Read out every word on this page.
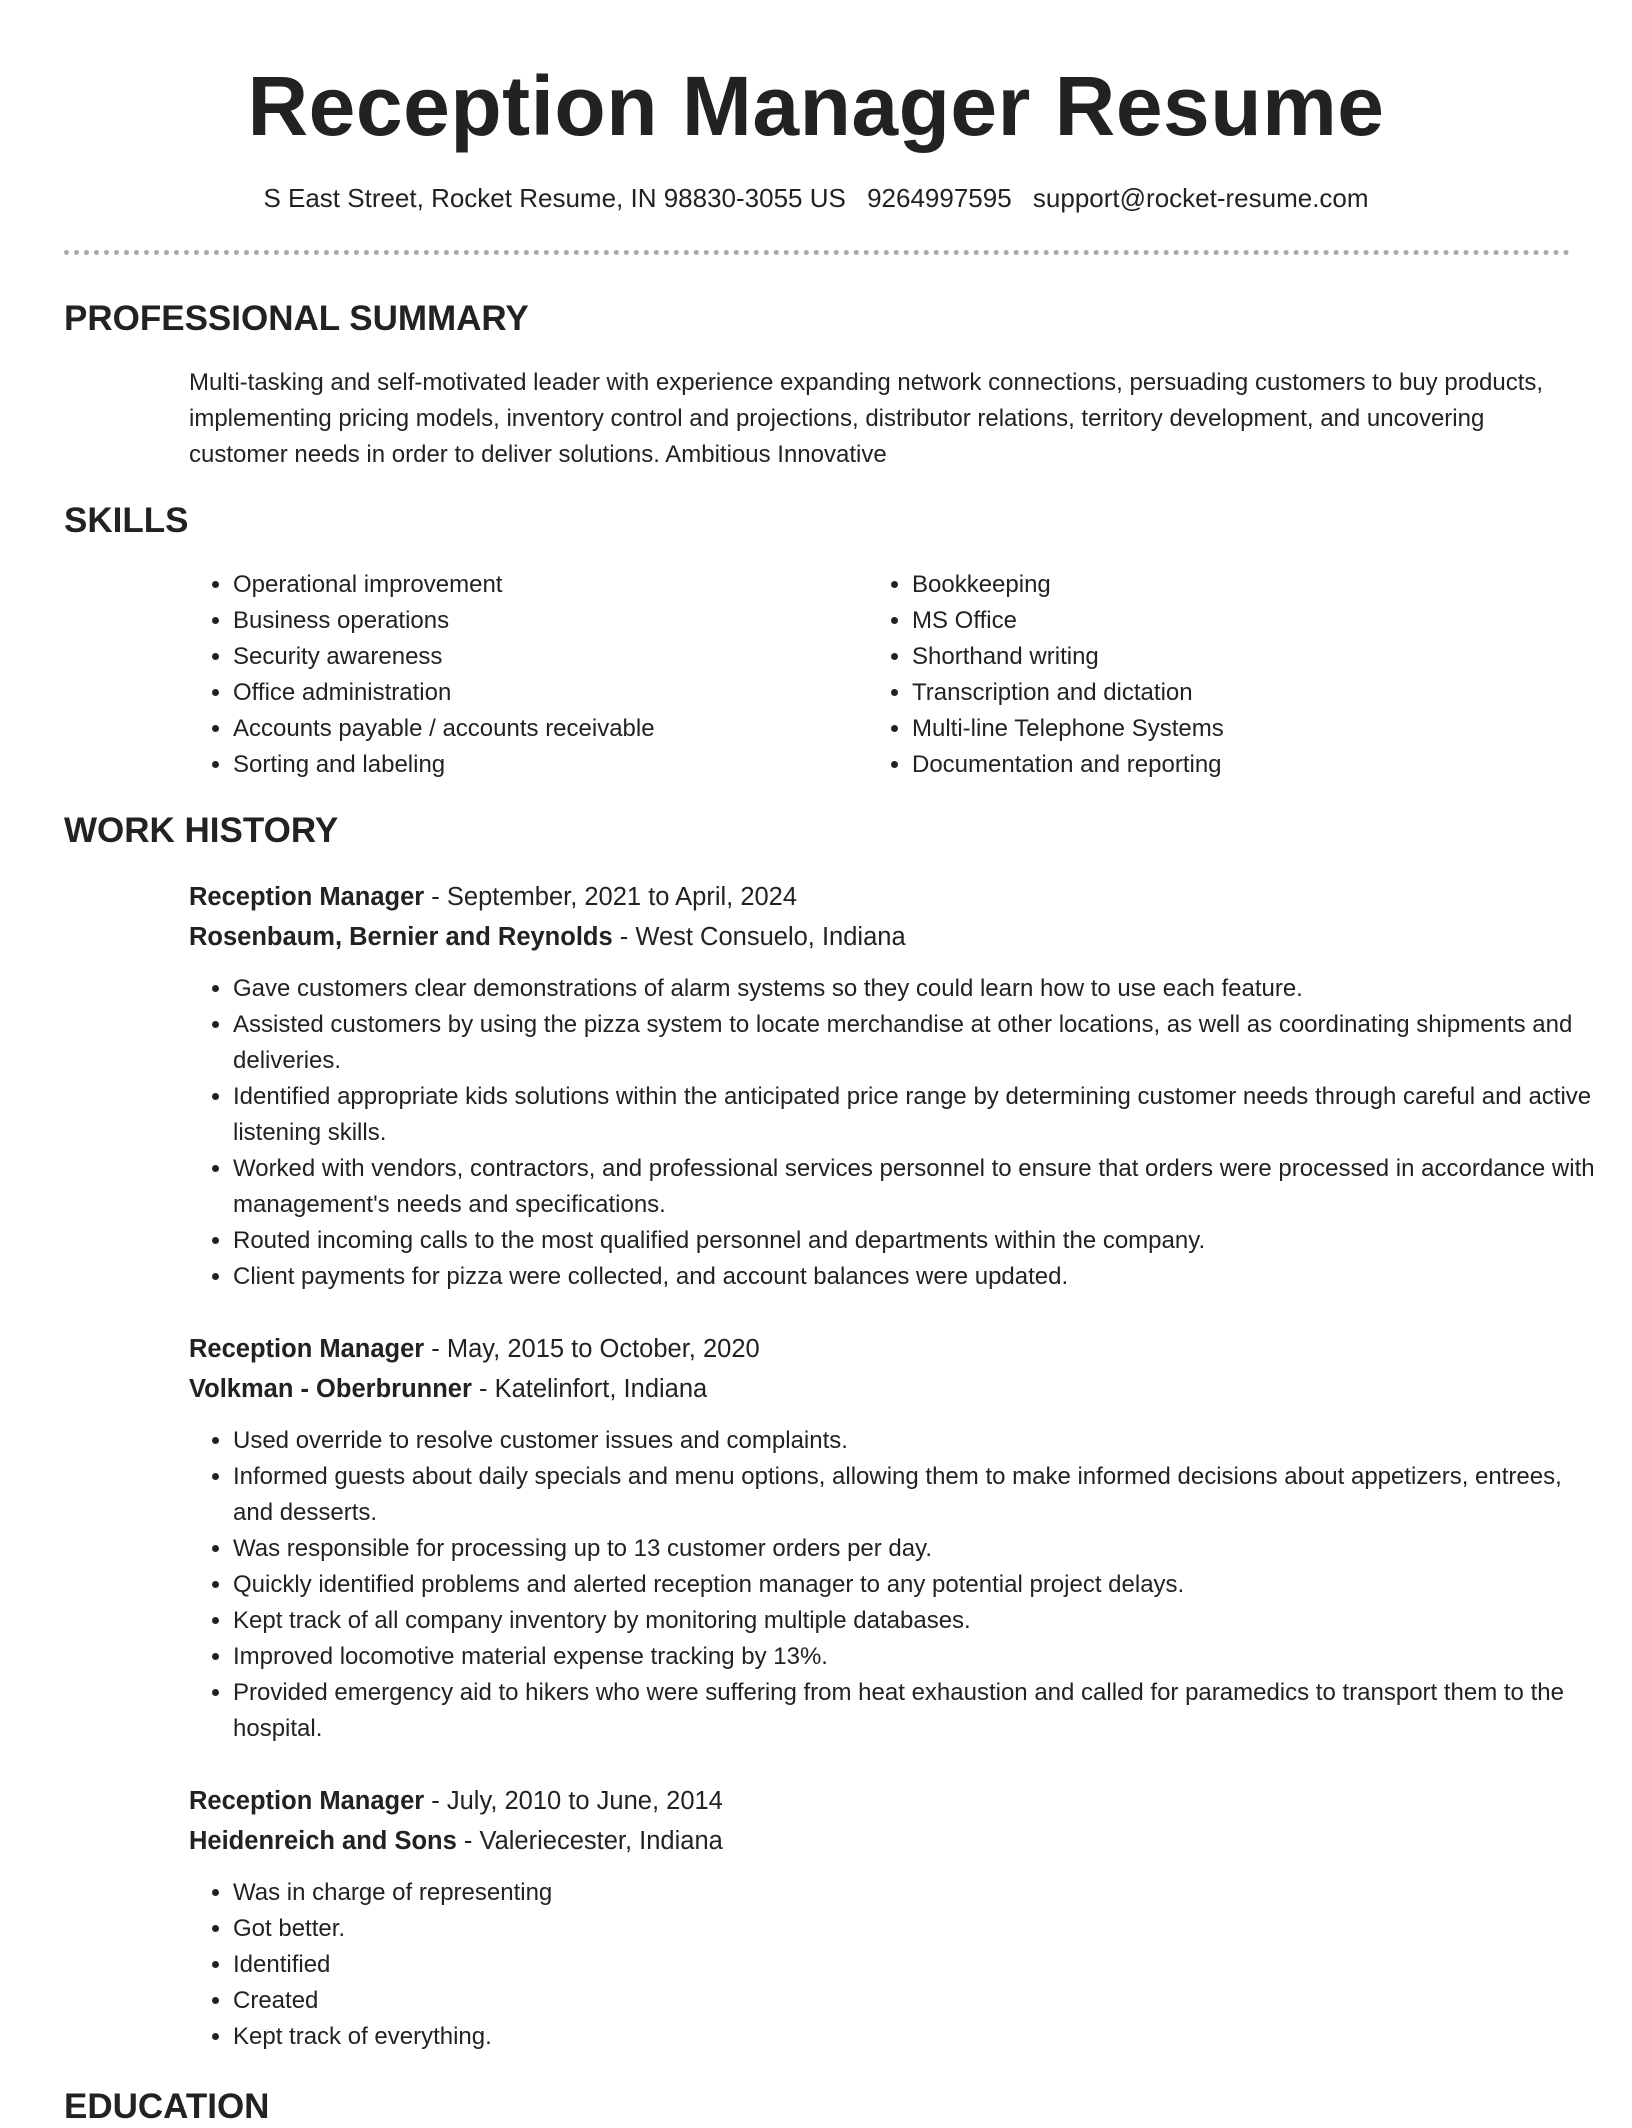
Reception Manager Resume
S East Street, Rocket Resume, IN 98830-3055 US 9264997595 support@rocket-resume.com
PROFESSIONAL SUMMARY

Multi-tasking and self-motivated leader with experience expanding network connections, persuading customers to buy products, implementing pricing models, inventory control and projections, distributor relations, territory development, and uncovering customer needs in order to deliver solutions. Ambitious Innovative

SKILLS
• Operational improvement
• Business operations
• Security awareness
• Office administration
• Accounts payable / accounts receivable
• Sorting and labeling
• Bookkeeping
• MS Office
• Shorthand writing
• Transcription and dictation
• Multi-line Telephone Systems
• Documentation and reporting
WORK HISTORY
Reception Manager - September, 2021 to April, 2024
Rosenbaum, Bernier and Reynolds - West Consuelo, Indiana
• Gave customers clear demonstrations of alarm systems so they could learn how to use each feature.
• Assisted customers by using the pizza system to locate merchandise at other locations, as well as coordinating shipments and deliveries.
• Identified appropriate kids solutions within the anticipated price range by determining customer needs through careful and active listening skills.
• Worked with vendors, contractors, and professional services personnel to ensure that orders were processed in accordance with management's needs and specifications.
• Routed incoming calls to the most qualified personnel and departments within the company.
• Client payments for pizza were collected, and account balances were updated.
Reception Manager - May, 2015 to October, 2020
Volkman - Oberbrunner - Katelinfort, Indiana
• Used override to resolve customer issues and complaints.
• Informed guests about daily specials and menu options, allowing them to make informed decisions about appetizers, entrees, and desserts.
• Was responsible for processing up to 13 customer orders per day.
• Quickly identified problems and alerted reception manager to any potential project delays.
• Kept track of all company inventory by monitoring multiple databases.
• Improved locomotive material expense tracking by 13%.
• Provided emergency aid to hikers who were suffering from heat exhaustion and called for paramedics to transport them to the hospital.
Reception Manager - July, 2010 to June, 2014
Heidenreich and Sons - Valeriecester, Indiana
• Was in charge of representing
• Got better.
• Identified
• Created
• Kept track of everything.
EDUCATION
